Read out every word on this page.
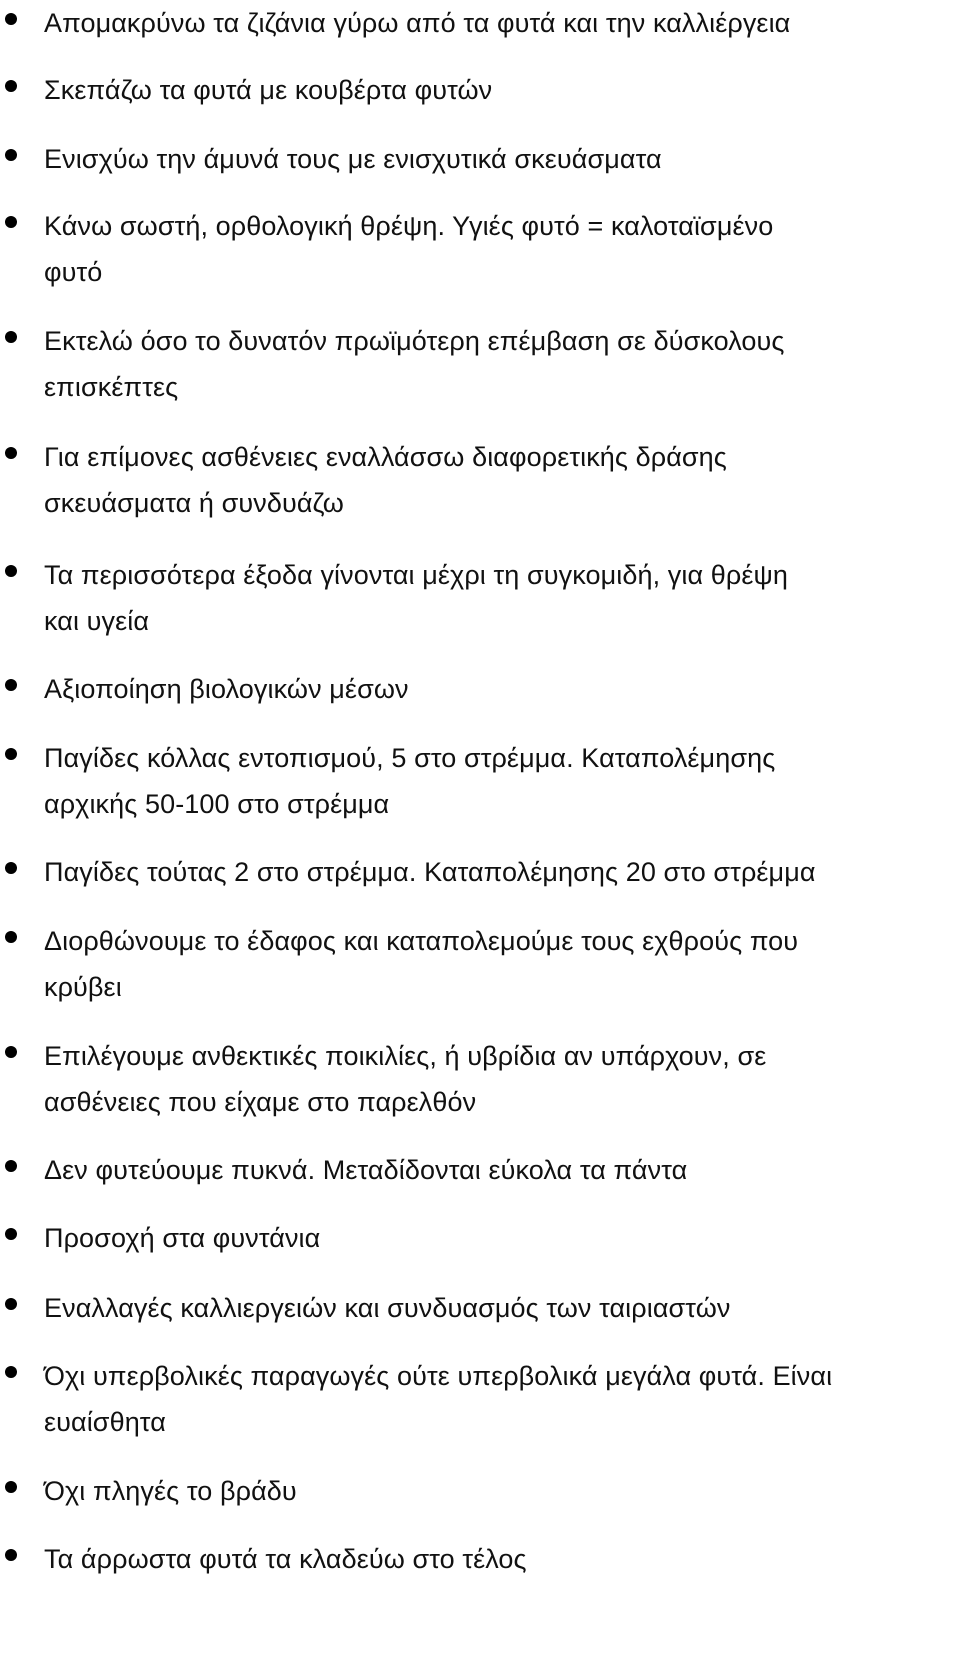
Απομακρύνω τα ζιζάνια γύρω από τα φυτά και την καλλιέργεια
Σκεπάζω τα φυτά με κουβέρτα φυτών
Ενισχύω την άμυνά τους με ενισχυτικά σκευάσματα
Κάνω σωστή, ορθολογική θρέψη. Υγιές φυτό = καλοταϊσμένο
φυτό
Εκτελώ όσο το δυνατόν πρωϊμότερη επέμβαση σε δύσκολους
επισκέπτες
Για επίμονες ασθένειες εναλλάσσω διαφορετικής δράσης
σκευάσματα ή συνδυάζω
Τα περισσότερα έξοδα γίνονται μέχρι τη συγκομιδή, για θρέψη
και υγεία
Αξιοποίηση βιολογικών μέσων
Παγίδες κόλλας εντοπισμού, 5 στο στρέμμα. Καταπολέμησης
αρχικής 50-100 στο στρέμμα
Παγίδες τούτας 2 στο στρέμμα. Καταπολέμησης 20 στο στρέμμα
Διορθώνουμε το έδαφος και καταπολεμούμε τους εχθρούς που
κρύβει
Επιλέγουμε ανθεκτικές ποικιλίες, ή υβρίδια αν υπάρχουν, σε
ασθένειες που είχαμε στο παρελθόν
Δεν φυτεύουμε πυκνά. Μεταδίδονται εύκολα τα πάντα
Προσοχή στα φυντάνια
Εναλλαγές καλλιεργειών και συνδυασμός των ταιριαστών
Όχι υπερβολικές παραγωγές ούτε υπερβολικά μεγάλα φυτά. Είναι
ευαίσθητα
Όχι πληγές το βράδυ
Τα άρρωστα φυτά τα κλαδεύω στο τέλος
